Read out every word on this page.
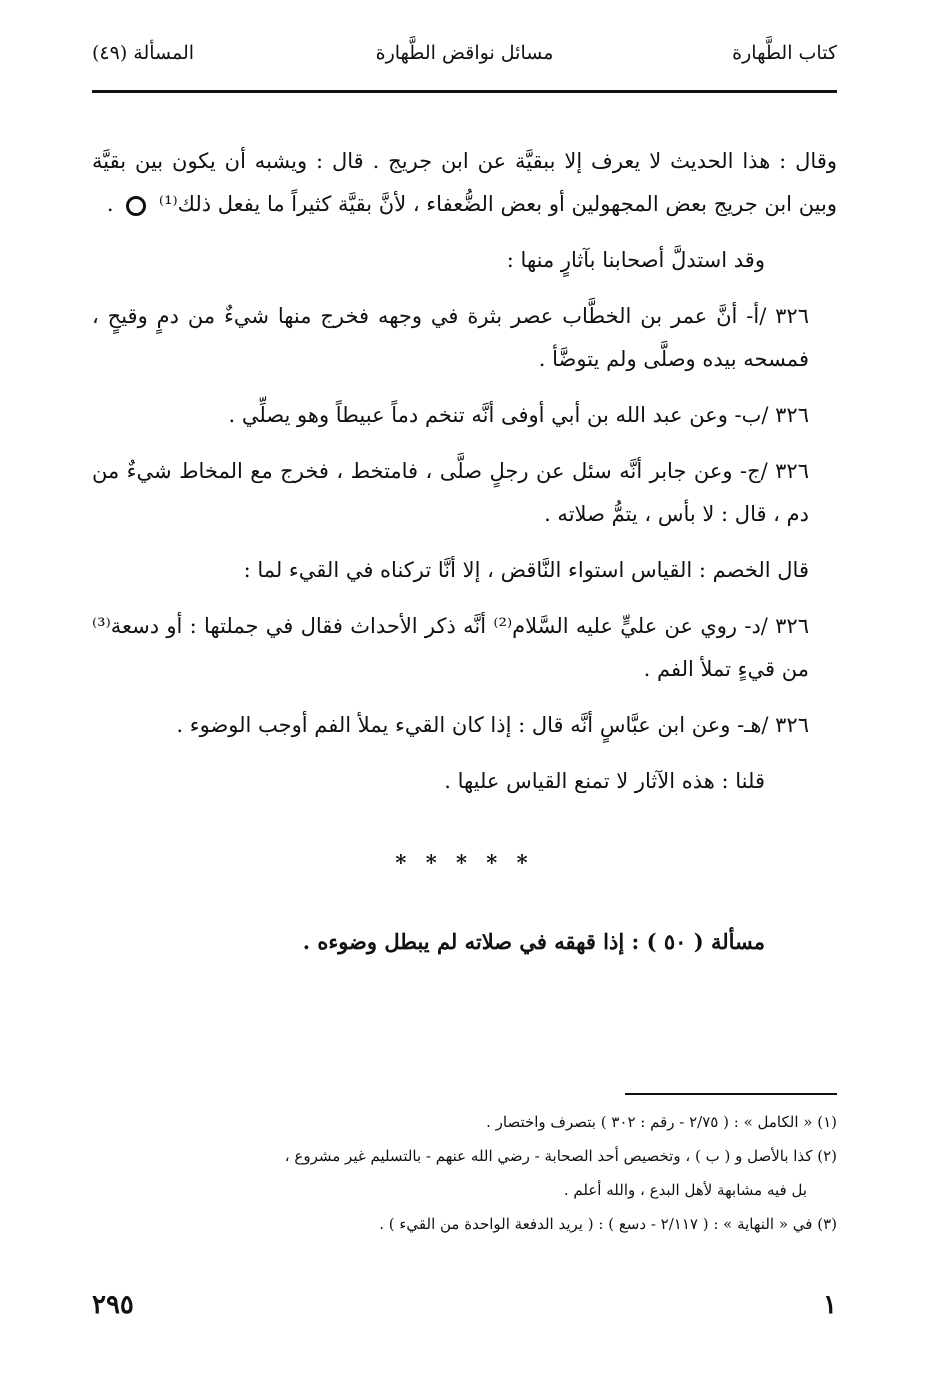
كتاب الطَّهارة
مسائل نواقض الطَّهارة
المسألة (٤٩)

وقال : هذا الحديث لا يعرف إلا ببقيَّة عن ابن جريج . قال : ويشبه أن يكون بين بقيَّة وبين ابن جريج بعض المجهولين أو بعض الضُّعفاء ، لأنَّ بقيَّة كثيراً ما يفعل ذلك⁽¹⁾  .

وقد استدلَّ أصحابنا بآثارٍ منها :

٣٢٦ /أ- أنَّ عمر بن الخطَّاب عصر بثرة في وجهه فخرج منها شيءٌ من دمٍ وقيحٍ ، فمسحه بيده وصلَّى ولم يتوضَّأ .

٣٢٦ /ب- وعن عبد الله بن أبي أوفى أنَّه تنخم دماً عبيطاً وهو يصلِّي .

٣٢٦ /ج- وعن جابر أنَّه سئل عن رجلٍ صلَّى ، فامتخط ، فخرج مع المخاط شيءٌ من دم ، قال : لا بأس ، يتمُّ صلاته .

قال الخصم : القياس استواء النَّاقض ، إلا أنَّا تركناه في القيء لما :

٣٢٦ /د- روي عن عليٍّ عليه السَّلام⁽²⁾ أنَّه ذكر الأحداث فقال في جملتها : أو دسعة⁽³⁾ من قيءٍ تملأ الفم .

٣٢٦ /هـ- وعن ابن عبَّاسٍ أنَّه قال : إذا كان القيء يملأ الفم أوجب الوضوء .

قلنا : هذه الآثار لا تمنع القياس عليها .

* * * * *

مسألة ( ٥٠ ) : إذا قهقه في صلاته لم يبطل وضوءه .

(١) « الكامل » : ( ٢/٧٥ - رقم : ٣٠٢ ) بتصرف واختصار .
(٢) كذا بالأصل و ( ب ) ، وتخصيص أحد الصحابة - رضي الله عنهم - بالتسليم غير مشروع ،
بل فيه مشابهة لأهل البدع ، والله أعلم .
(٣) في « النهاية » : ( ٢/١١٧ - دسع ) : ( يريد الدفعة الواحدة من القيء ) .
٢٩٥	١
